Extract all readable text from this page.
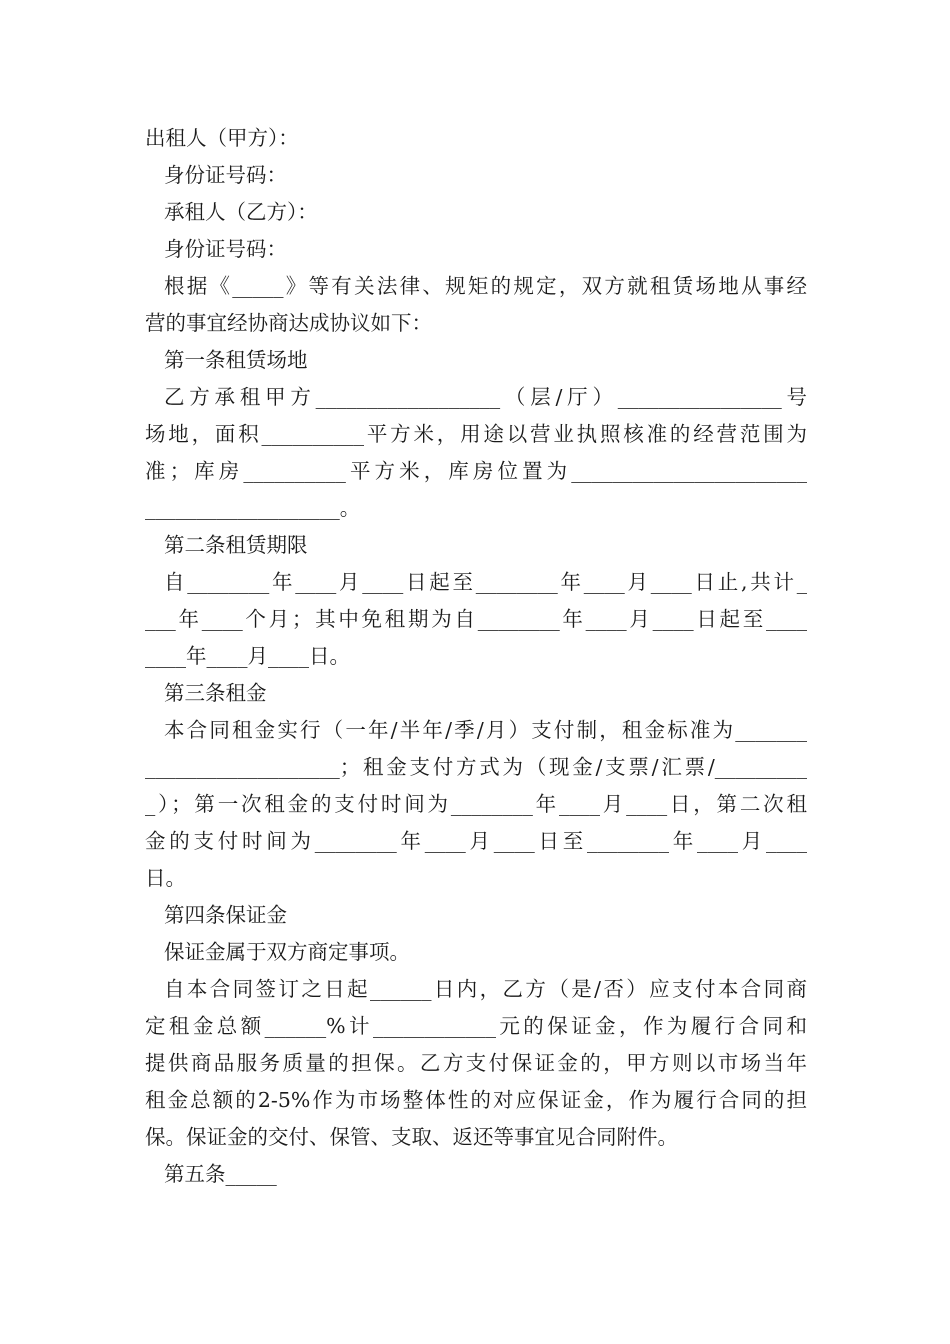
出租人（甲方）：
身份证号码：
承租人（乙方）：
身份证号码：
根据《_____》等有关法律、规矩的规定，双方就租赁场地从事经
营的事宜经协商达成协议如下：
第一条租赁场地
乙方承租甲方__________________（层/厅）________________号
场地，面积__________平方米，用途以营业执照核准的经营范围为
准；库房__________平方米，库房位置为_______________________
___________________。
第二条租赁期限
自________年____月____日起至________年____月____日止,共计_
___年____个月；其中免租期为自________年____月____日起至____
____年____月____日。
第三条租金
本合同租金实行（一年/半年/季/月）支付制，租金标准为_______
___________________；租金支付方式为（现金/支票/汇票/_________
_）；第一次租金的支付时间为________年____月____日，第二次租
金的支付时间为________年____月____日至________年____月____
日。
第四条保证金
保证金属于双方商定事项。
自本合同签订之日起______日内，乙方（是/否）应支付本合同商
定租金总额______%计____________元的保证金，作为履行合同和
提供商品服务质量的担保。乙方支付保证金的，甲方则以市场当年
租金总额的2-5%作为市场整体性的对应保证金，作为履行合同的担
保。保证金的交付、保管、支取、返还等事宜见合同附件。
第五条_____
